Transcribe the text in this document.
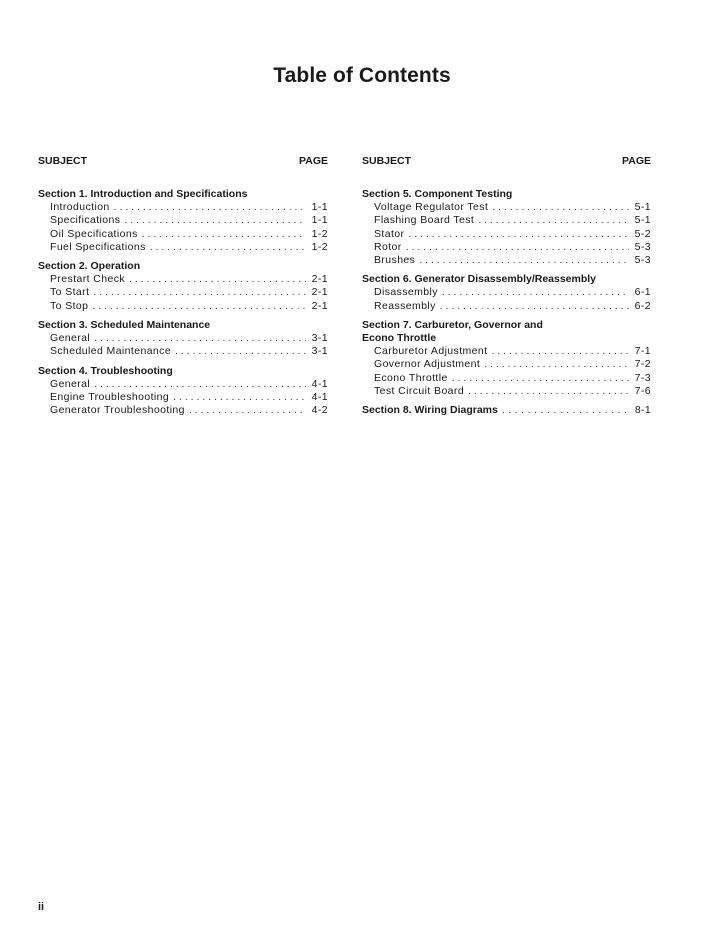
Table of Contents
SUBJECT	PAGE
Section 1. Introduction and Specifications
Introduction . . .	1-1
Specifications . . .	1-1
Oil Specifications . . .	1-2
Fuel Specifications . . .	1-2
Section 2. Operation
Prestart Check . . .	2-1
To Start . . .	2-1
To Stop . . .	2-1
Section 3. Scheduled Maintenance
General . . .	3-1
Scheduled Maintenance . . .	3-1
Section 4. Troubleshooting
General . . .	4-1
Engine Troubleshooting . . .	4-1
Generator Troubleshooting . . .	4-2
SUBJECT	PAGE
Section 5. Component Testing
Voltage Regulator Test . . .	5-1
Flashing Board Test . . .	5-1
Stator . . .	5-2
Rotor . . .	5-3
Brushes . . .	5-3
Section 6. Generator Disassembly/Reassembly
Disassembly . . .	6-1
Reassembly . . .	6-2
Section 7. Carburetor, Governor and
Econo Throttle
Carburetor Adjustment . . .	7-1
Governor Adjustment . . .	7-2
Econo Throttle . . .	7-3
Test Circuit Board . . .	7-6
Section 8. Wiring Diagrams . . .	8-1
ii
